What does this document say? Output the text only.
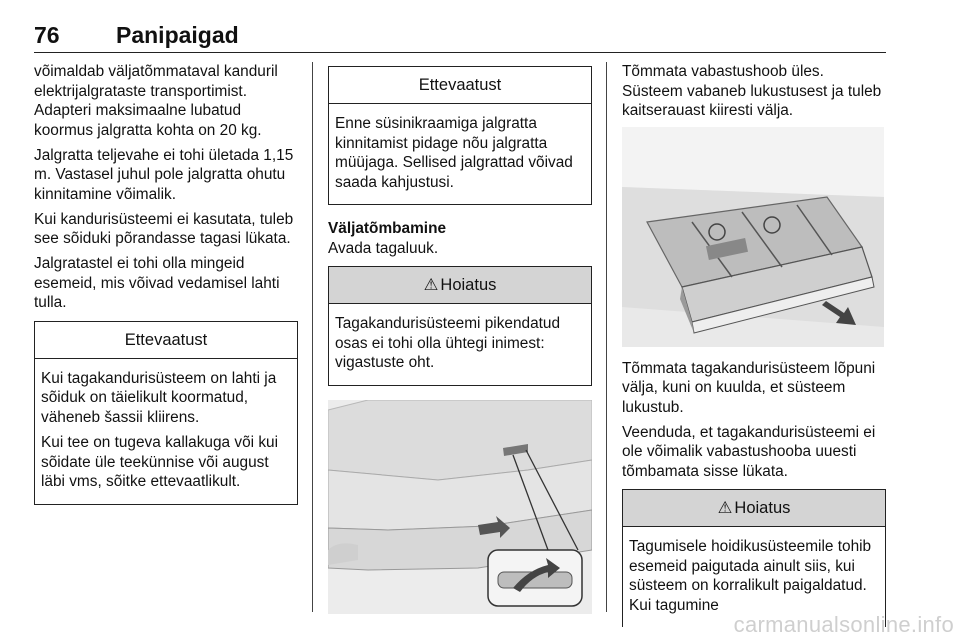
76 Panipaigad

võimaldab väljatõmmataval kanduril elektrijalgrataste transportimist. Adapteri maksimaalne lubatud koormus jalgratta kohta on 20 kg.

Jalgratta teljevahe ei tohi ületada 1,15 m. Vastasel juhul pole jalgratta ohutu kinnitamine võimalik.

Kui kandurisüsteemi ei kasutata, tuleb see sõiduki põrandasse tagasi lükata.

Jalgratastel ei tohi olla mingeid esemeid, mis võivad vedamisel lahti tulla.

Ettevaatust

Kui tagakandurisüsteem on lahti ja sõiduk on täielikult koormatud, väheneb šassii kliirens.

Kui tee on tugeva kallakuga või kui sõidate üle teekünnise või august läbi vms, sõitke ettevaatlikult.

Ettevaatust

Enne süsinikraamiga jalgratta kinnitamist pidage nõu jalgratta müüjaga. Sellised jalgrattad võivad saada kahjustusi.

Väljatõmbamine

Avada tagaluuk.

⚠ Hoiatus

Tagakandurisüsteemi pikendatud osas ei tohi olla ühtegi inimest: vigastuste oht.

Tõmmata vabastushoob üles. Süsteem vabaneb lukustusest ja tuleb kaitserauast kiiresti välja.

Tõmmata tagakandurisüsteem lõpuni välja, kuni on kuulda, et süsteem lukustub.

Veenduda, et tagakandurisüsteemi ei ole võimalik vabastushooba uuesti tõmbamata sisse lükata.

⚠ Hoiatus

Tagumisele hoidikusüsteemile tohib esemeid paigutada ainult siis, kui süsteem on korralikult paigaldatud. Kui tagumine

carmanualsonline.info
